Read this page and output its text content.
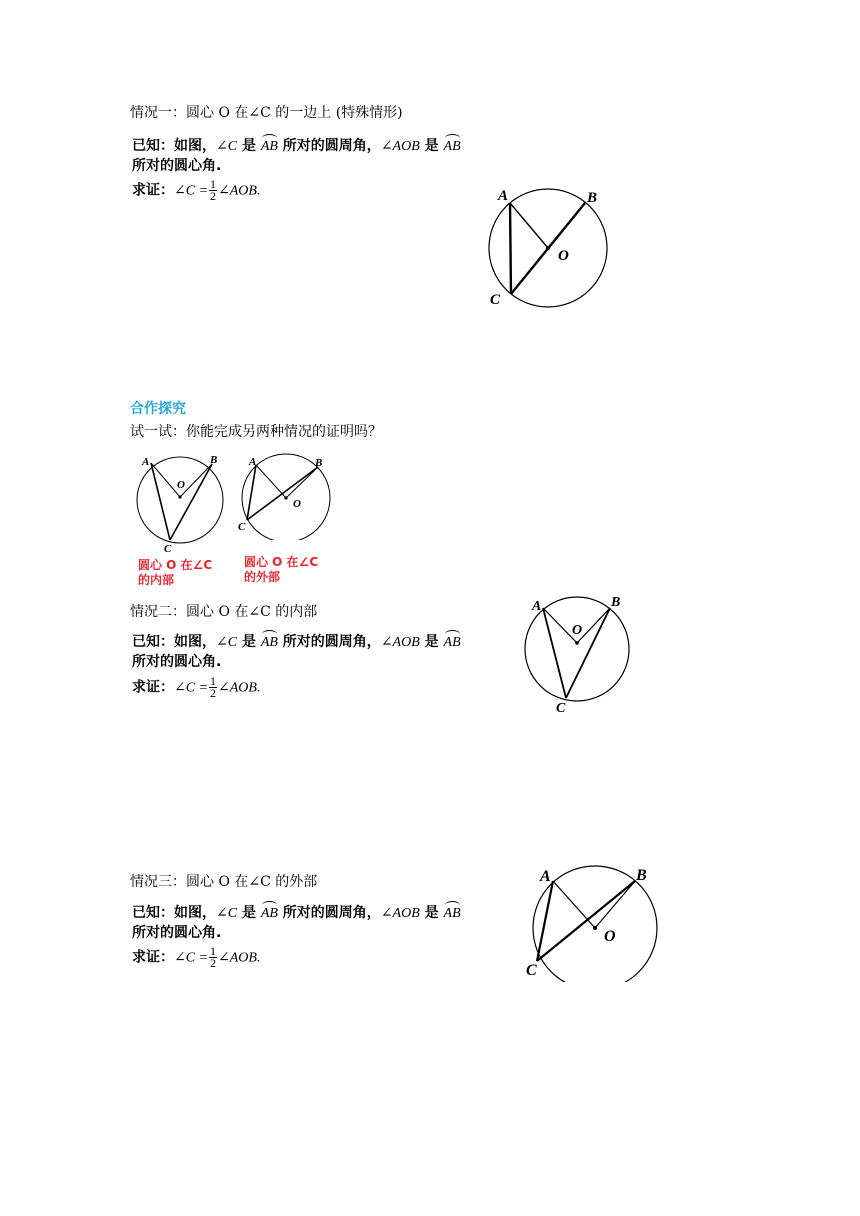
情况一：圆心 O 在∠C 的一边上 (特殊情形)
已知：如图，∠C 是 AB 所对的圆周角，∠AOB 是 AB
所对的圆心角.
求证：∠C = $\frac{1}{2}$ ∠AOB.	A	B
C
O
合作探究
试一试：你能完成另两种情况的证明吗？
A	B
C
O
圆心 O 在∠C
的内部
A	B
C
O
圆心 O 在∠C
的外部
情况二：圆心 O 在∠C 的内部
已知：如图，∠C 是 AB 所对的圆周角，∠AOB 是 AB
所对的圆心角.
求证：∠C = $\frac{1}{2}$ ∠AOB.
A	B
C
O
情况三：圆心 O 在∠C 的外部
已知：如图，∠C 是 AB 所对的圆周角，∠AOB 是 AB
所对的圆心角.
求证：∠C = $\frac{1}{2}$ ∠AOB.
A	B
C
O
